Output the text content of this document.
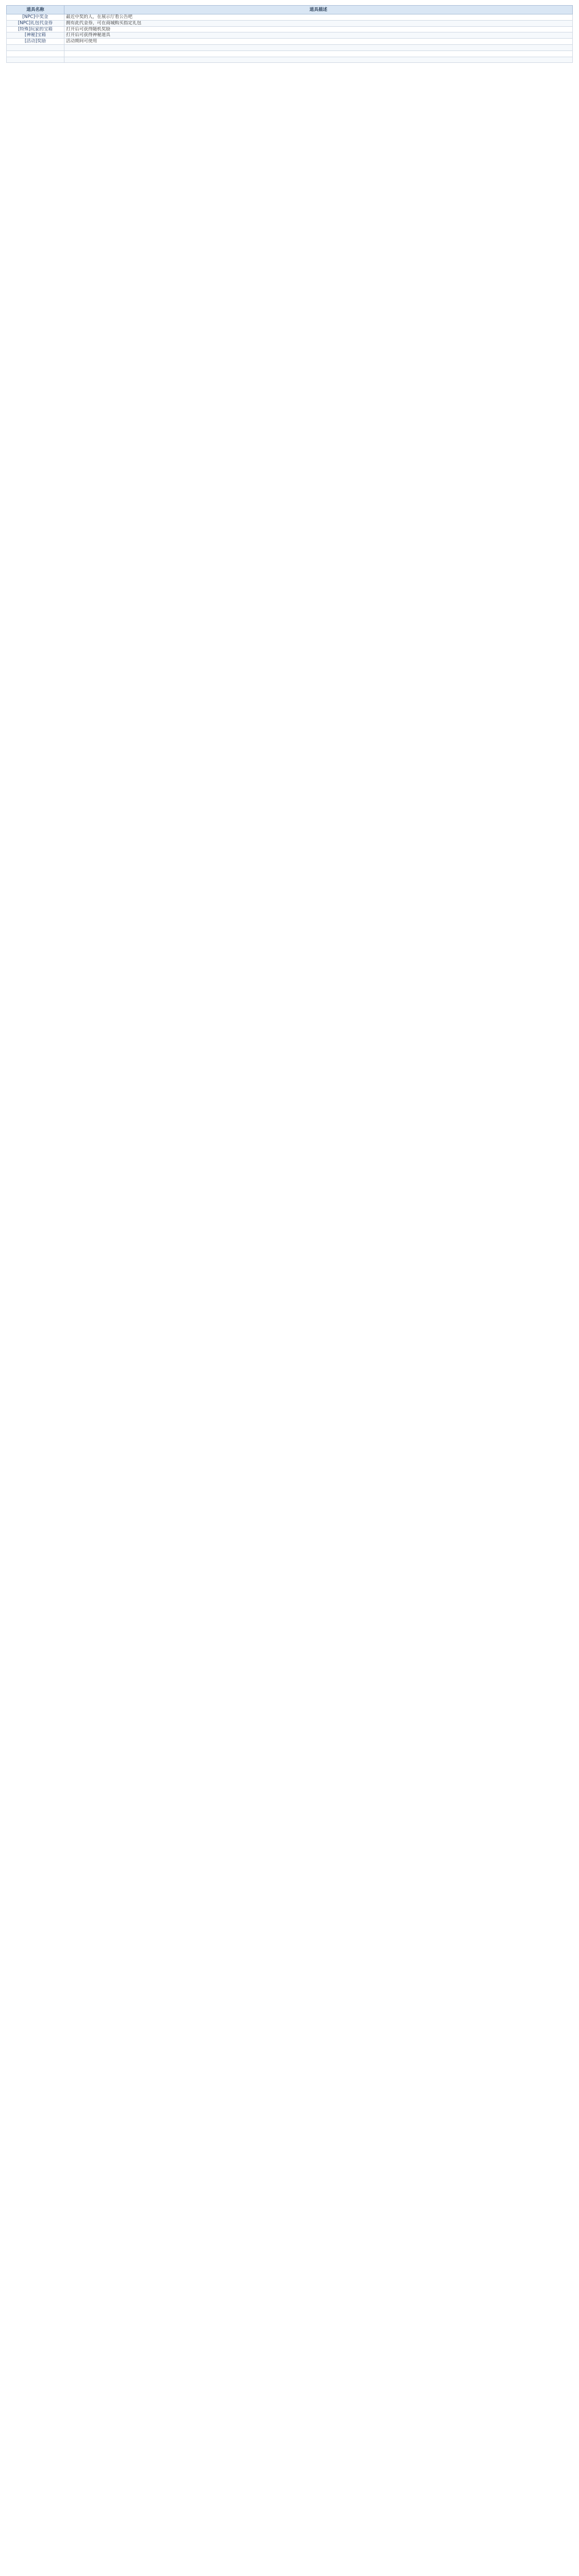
道具名称	道具描述
[NPC]中奖金	最近中奖的人，在展示厅看公告吧
[NPC]礼包代金券	拥有此代金券，可在商城购买指定礼包
[特殊]玩家的宝箱	打开后可获得随机奖励
[神秘]宝箱	打开后可获得神秘道具
[活动]奖励	活动期间可使用
